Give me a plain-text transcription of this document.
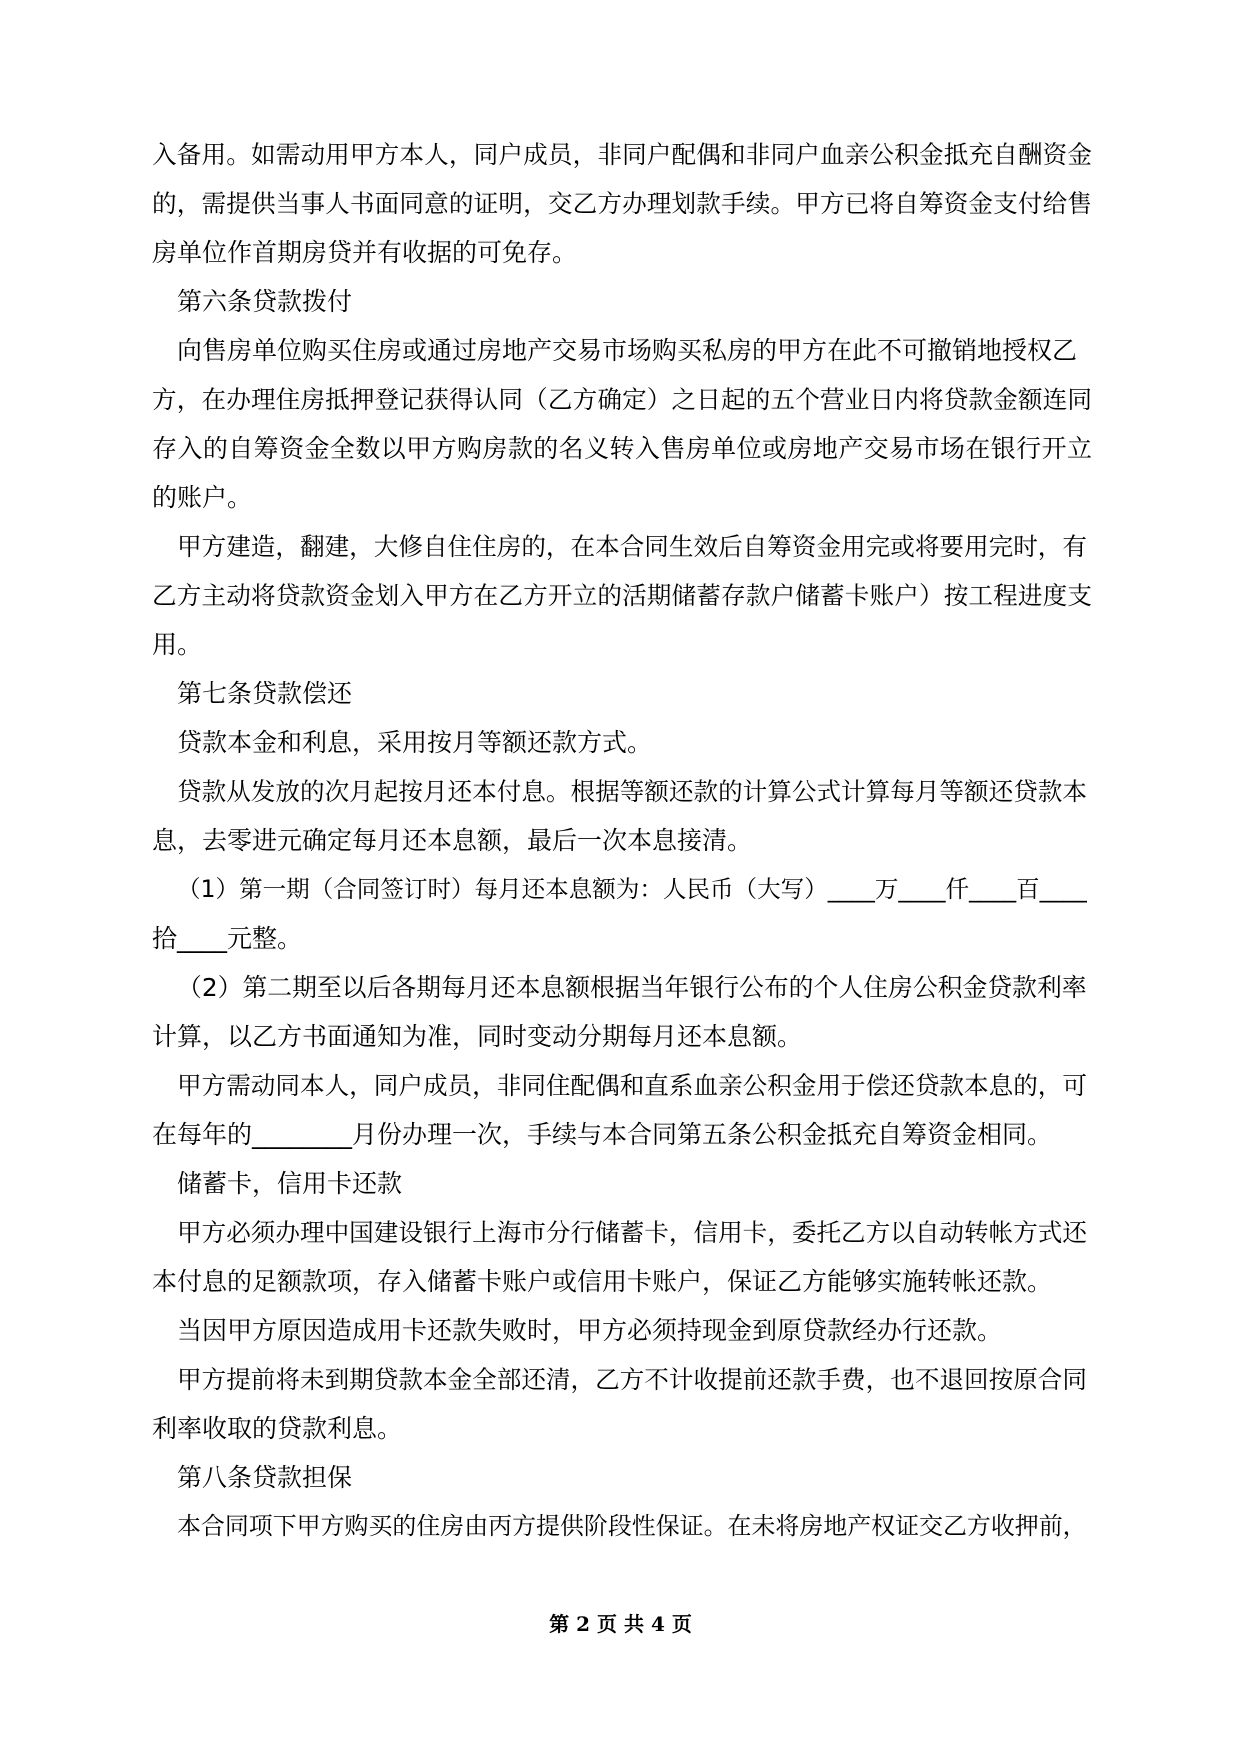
入备用。如需动用甲方本人，同户成员，非同户配偶和非同户血亲公积金抵充自酬资金
的，需提供当事人书面同意的证明，交乙方办理划款手续。甲方已将自筹资金支付给售
房单位作首期房贷并有收据的可免存。
第六条贷款拨付
向售房单位购买住房或通过房地产交易市场购买私房的甲方在此不可撤销地授权乙
方，在办理住房抵押登记获得认同（乙方确定）之日起的五个营业日内将贷款金额连同
存入的自筹资金全数以甲方购房款的名义转入售房单位或房地产交易市场在银行开立
的账户。
甲方建造，翻建，大修自住住房的，在本合同生效后自筹资金用完或将要用完时，有
乙方主动将贷款资金划入甲方在乙方开立的活期储蓄存款户储蓄卡账户）按工程进度支
用。
第七条贷款偿还
贷款本金和利息，采用按月等额还款方式。
贷款从发放的次月起按月还本付息。根据等额还款的计算公式计算每月等额还贷款本
息，去零进元确定每月还本息额，最后一次本息接清。
（1）第一期（合同签订时）每月还本息额为：人民币（大写）____万____仟____百____
拾____元整。
（2）第二期至以后各期每月还本息额根据当年银行公布的个人住房公积金贷款利率
计算，以乙方书面通知为准，同时变动分期每月还本息额。
甲方需动同本人，同户成员，非同住配偶和直系血亲公积金用于偿还贷款本息的，可
在每年的________月份办理一次，手续与本合同第五条公积金抵充自筹资金相同。
储蓄卡，信用卡还款
甲方必须办理中国建设银行上海市分行储蓄卡，信用卡，委托乙方以自动转帐方式还
本付息的足额款项，存入储蓄卡账户或信用卡账户，保证乙方能够实施转帐还款。
当因甲方原因造成用卡还款失败时，甲方必须持现金到原贷款经办行还款。
甲方提前将未到期贷款本金全部还清，乙方不计收提前还款手费，也不退回按原合同
利率收取的贷款利息。
第八条贷款担保
本合同项下甲方购买的住房由丙方提供阶段性保证。在未将房地产权证交乙方收押前，
第 2 页 共 4 页
